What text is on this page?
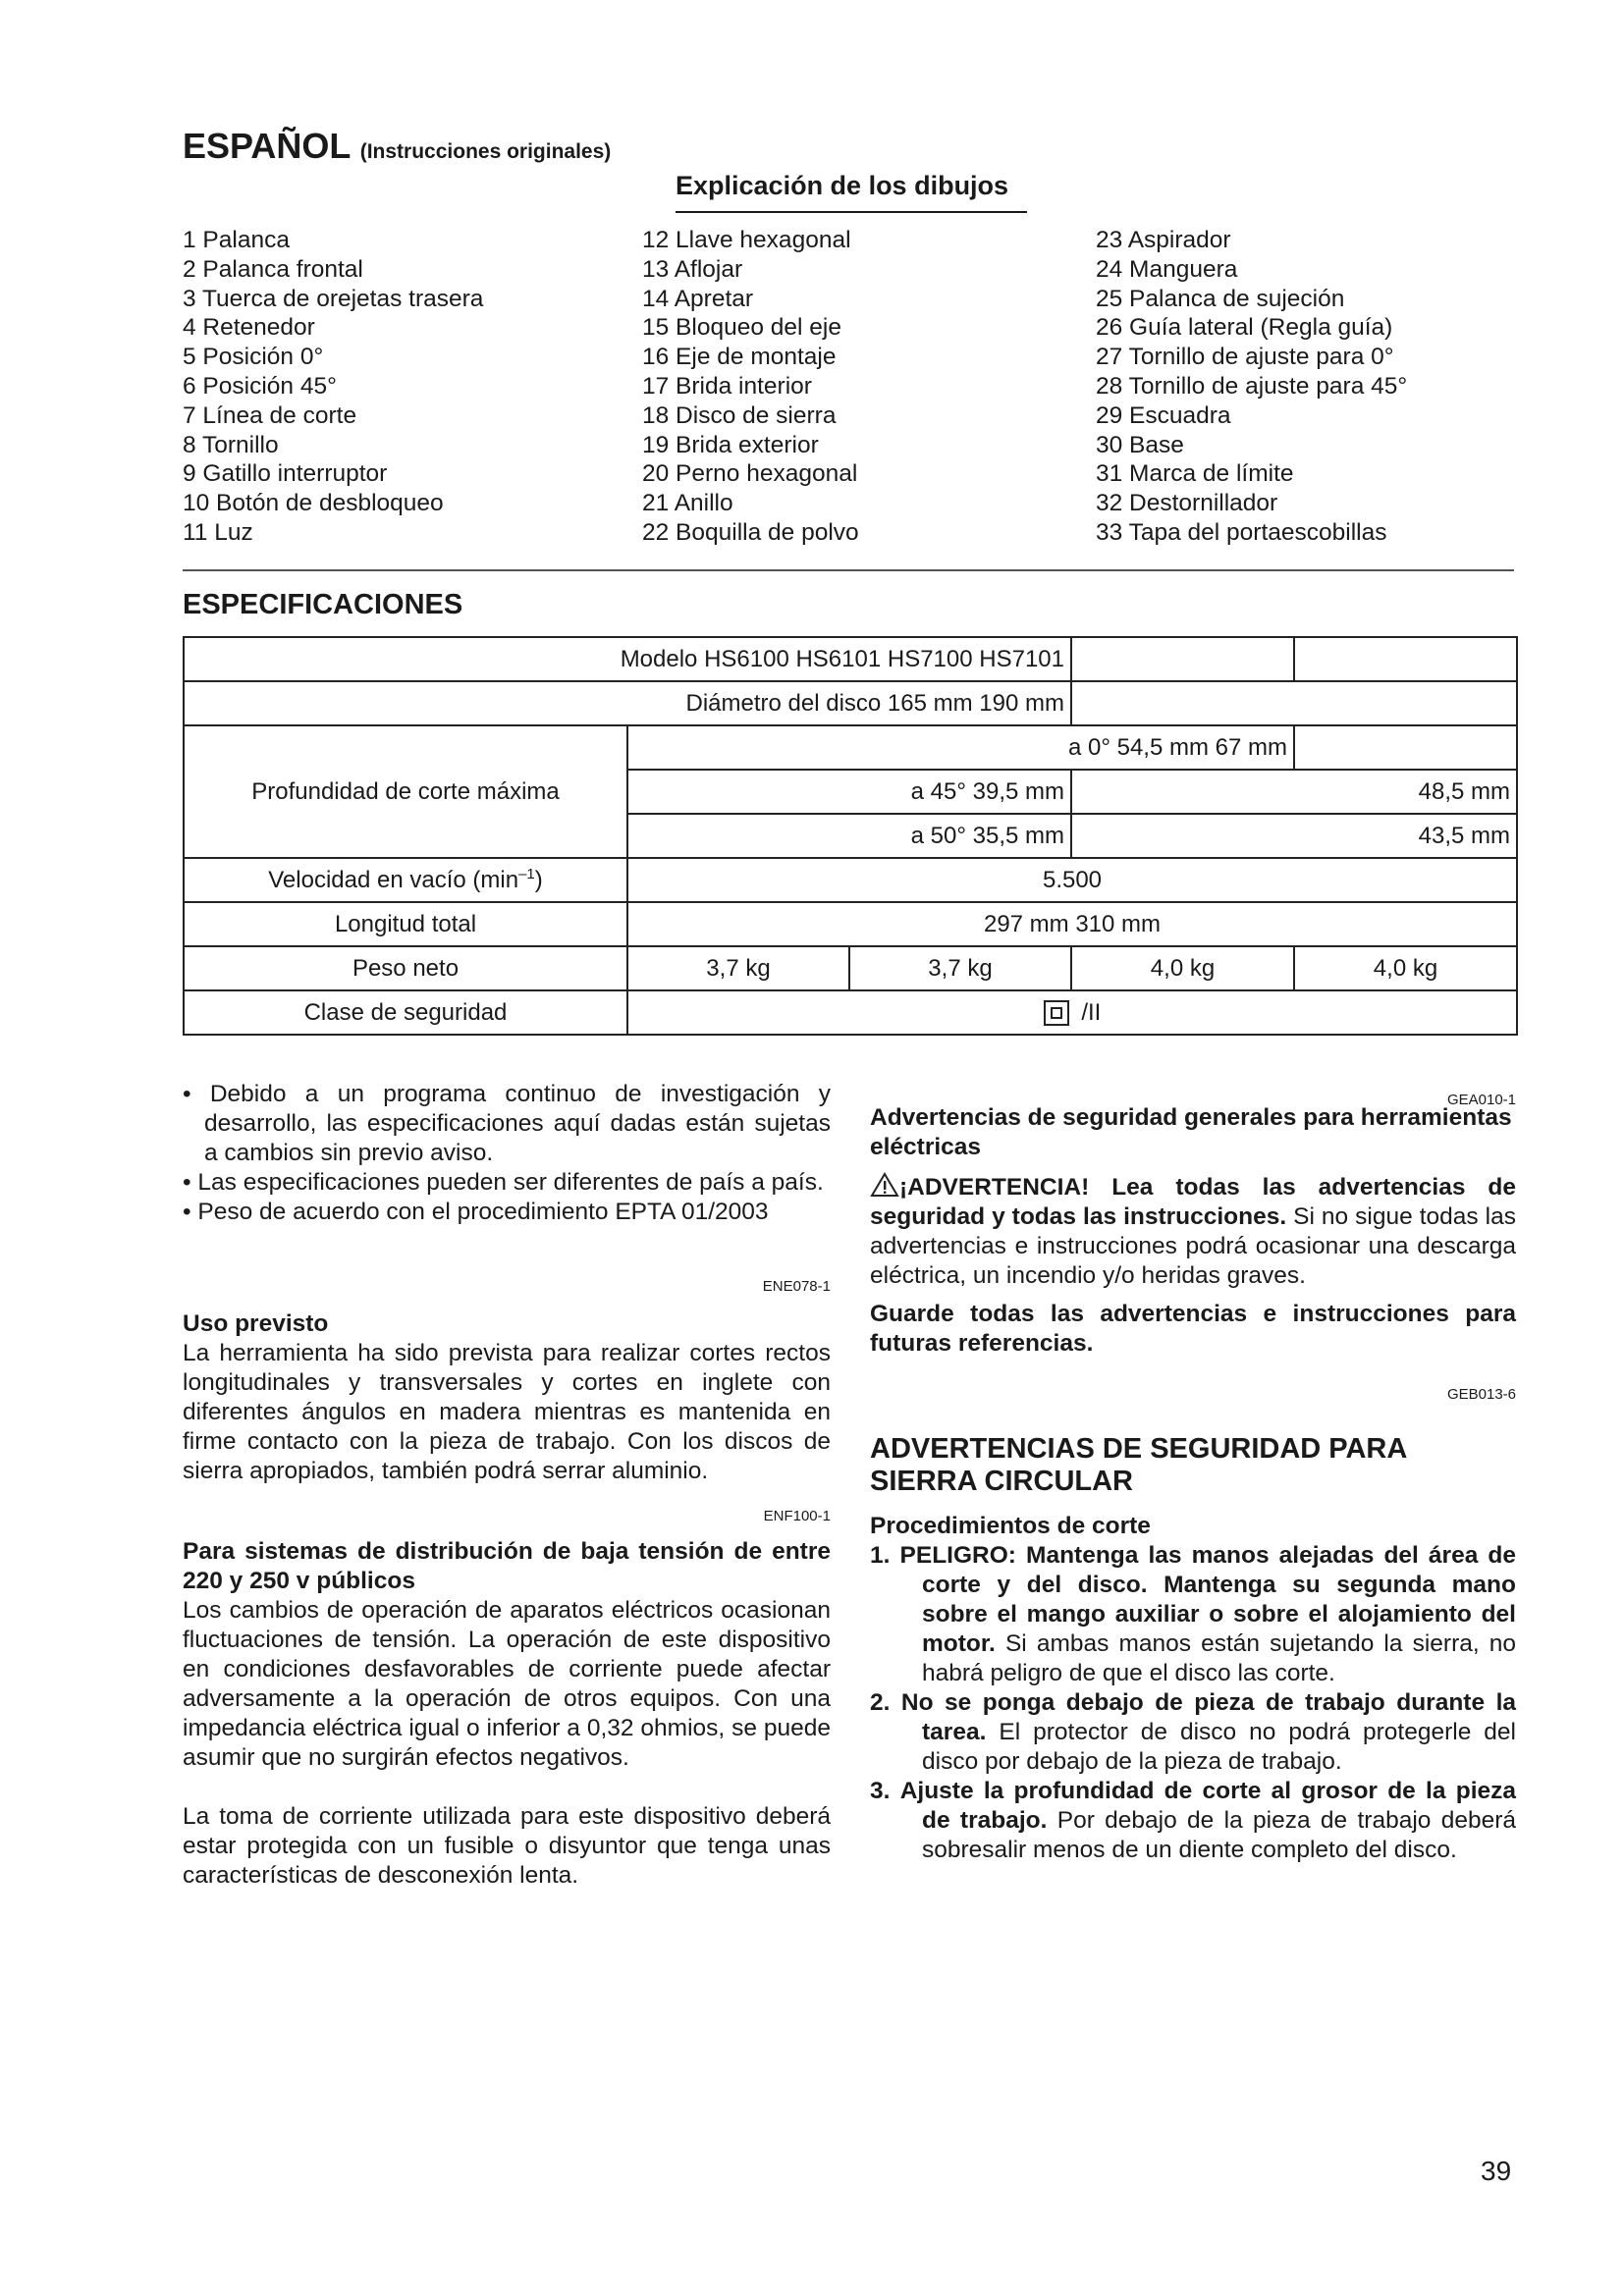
ESPAÑOL (Instrucciones originales)
Explicación de los dibujos
1 Palanca
2 Palanca frontal
3 Tuerca de orejetas trasera
4 Retenedor
5 Posición 0°
6 Posición 45°
7 Línea de corte
8 Tornillo
9 Gatillo interruptor
10 Botón de desbloqueo
11 Luz
12 Llave hexagonal
13 Aflojar
14 Apretar
15 Bloqueo del eje
16 Eje de montaje
17 Brida interior
18 Disco de sierra
19 Brida exterior
20 Perno hexagonal
21 Anillo
22 Boquilla de polvo
23 Aspirador
24 Manguera
25 Palanca de sujeción
26 Guía lateral (Regla guía)
27 Tornillo de ajuste para 0°
28 Tornillo de ajuste para 45°
29 Escuadra
30 Base
31 Marca de límite
32 Destornillador
33 Tapa del portaescobillas
ESPECIFICACIONES
Modelo HS6100 HS6101 HS7100 HS7101				
Diámetro del disco 165 mm 190 mm				
Profundidad de corte máxima	a 0° 54,5 mm 67 mm			
	a 45° 39,5 mm		48,5 mm	
	a 50° 35,5 mm		43,5 mm	
Velocidad en vacío $(\min^{-1})$	5.500			
Longitud total	297 mm 310 mm			
Peso neto	3,7 kg	3,7 kg	4,0 kg	4,0 kg
Clase de seguridad	/II			
• Debido a un programa continuo de investigación y desarrollo, las especificaciones aquí dadas están sujetas a cambios sin previo aviso.
• Las especificaciones pueden ser diferentes de país a país.
• Peso de acuerdo con el procedimiento EPTA 01/2003
ENE078-1
Uso previsto
La herramienta ha sido prevista para realizar cortes rectos longitudinales y transversales y cortes en inglete con diferentes ángulos en madera mientras es mantenida en firme contacto con la pieza de trabajo. Con los discos de sierra apropiados, también podrá serrar aluminio.
ENF100-1
Para sistemas de distribución de baja tensión de entre 220 y 250 v públicos
Los cambios de operación de aparatos eléctricos ocasionan fluctuaciones de tensión. La operación de este dispositivo en condiciones desfavorables de corriente puede afectar adversamente a la operación de otros equipos. Con una impedancia eléctrica igual o inferior a 0,32 ohmios, se puede asumir que no surgirán efectos negativos.
La toma de corriente utilizada para este dispositivo deberá estar protegida con un fusible o disyuntor que tenga unas características de desconexión lenta.
GEA010-1
Advertencias de seguridad generales para herramientas eléctricas
¡ADVERTENCIA! Lea todas las advertencias de seguridad y todas las instrucciones. Si no sigue todas las advertencias e instrucciones podrá ocasionar una descarga eléctrica, un incendio y/o heridas graves.
Guarde todas las advertencias e instrucciones para futuras referencias.
GEB013-6
ADVERTENCIAS DE SEGURIDAD PARA SIERRA CIRCULAR
Procedimientos de corte
1. PELIGRO: Mantenga las manos alejadas del área de corte y del disco. Mantenga su segunda mano sobre el mango auxiliar o sobre el alojamiento del motor. Si ambas manos están sujetando la sierra, no habrá peligro de que el disco las corte.
2. No se ponga debajo de pieza de trabajo durante la tarea. El protector de disco no podrá protegerle del disco por debajo de la pieza de trabajo.
3. Ajuste la profundidad de corte al grosor de la pieza de trabajo. Por debajo de la pieza de trabajo deberá sobresalir menos de un diente completo del disco.
39
